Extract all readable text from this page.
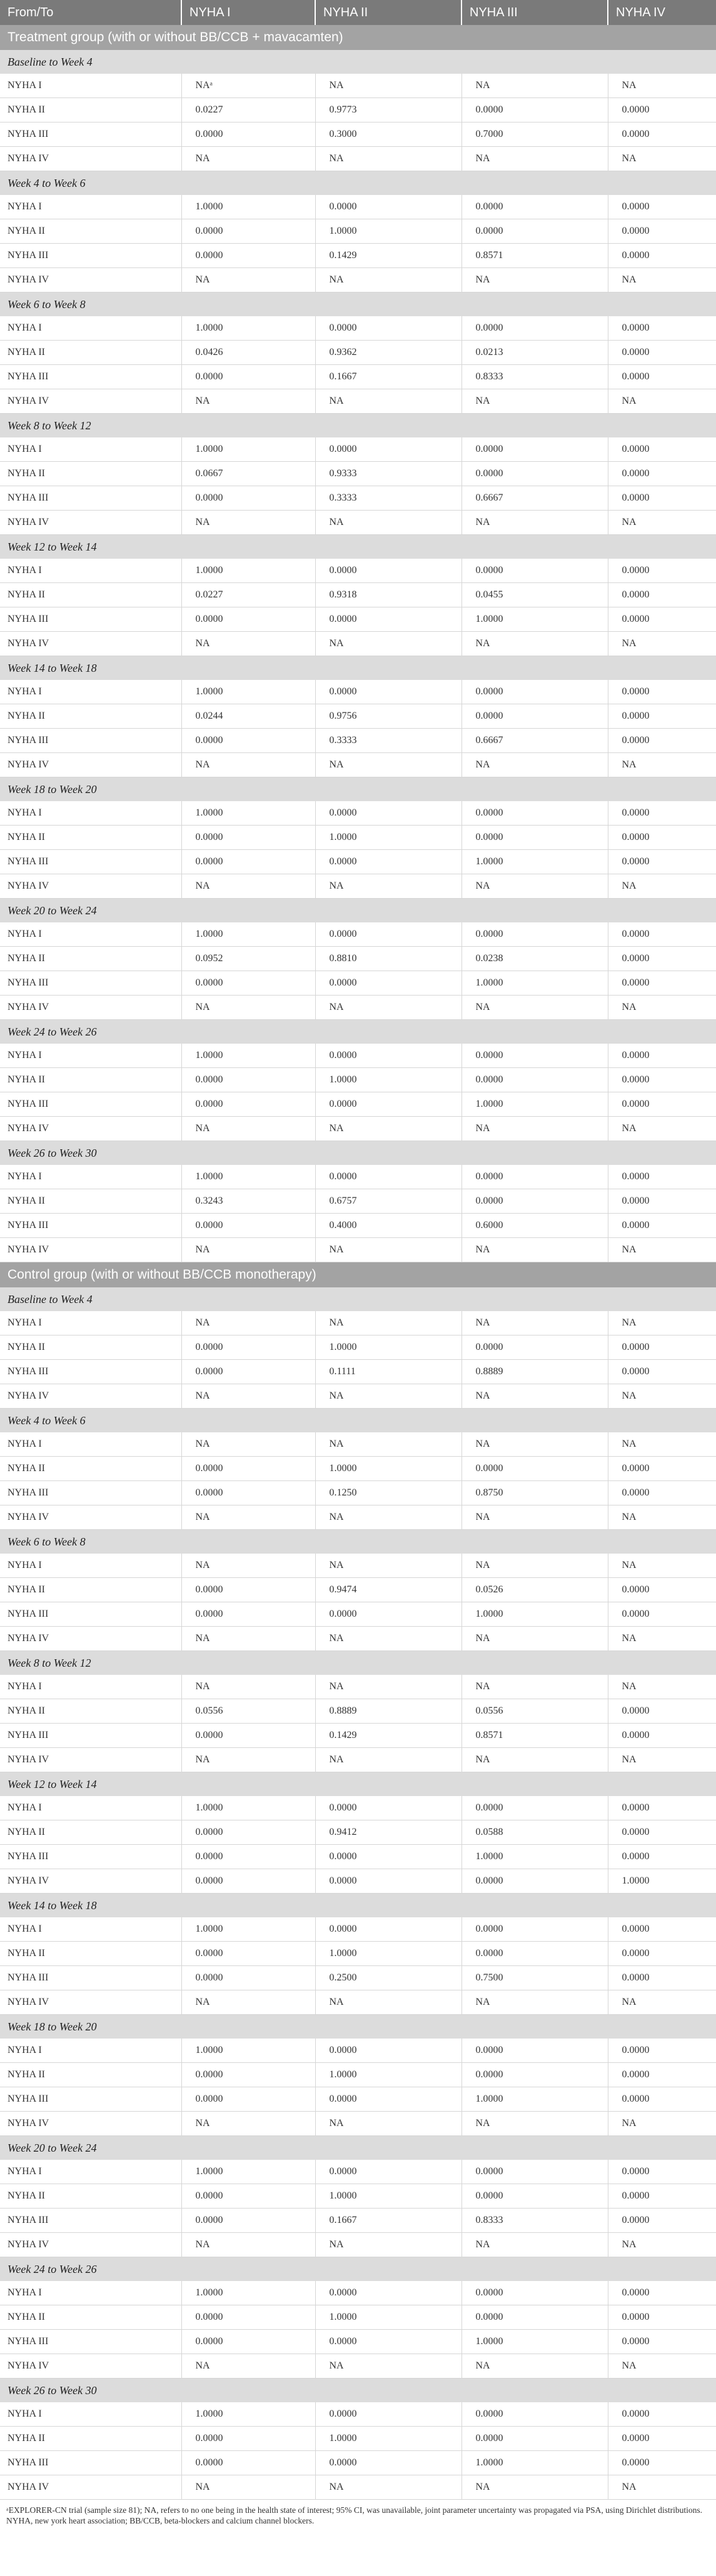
From/To	NYHA I	NYHA II	NYHA III	NYHA IV
Treatment group (with or without BB/CCB + mavacamten)				
Baseline to Week 4				
NYHA I	NAᵃ	NA	NA	NA
NYHA II	0.0227	0.9773	0.0000	0.0000
NYHA III	0.0000	0.3000	0.7000	0.0000
NYHA IV	NA	NA	NA	NA
Week 4 to Week 6				
NYHA I	1.0000	0.0000	0.0000	0.0000
NYHA II	0.0000	1.0000	0.0000	0.0000
NYHA III	0.0000	0.1429	0.8571	0.0000
NYHA IV	NA	NA	NA	NA
Week 6 to Week 8				
NYHA I	1.0000	0.0000	0.0000	0.0000
NYHA II	0.0426	0.9362	0.0213	0.0000
NYHA III	0.0000	0.1667	0.8333	0.0000
NYHA IV	NA	NA	NA	NA
Week 8 to Week 12				
NYHA I	1.0000	0.0000	0.0000	0.0000
NYHA II	0.0667	0.9333	0.0000	0.0000
NYHA III	0.0000	0.3333	0.6667	0.0000
NYHA IV	NA	NA	NA	NA
Week 12 to Week 14				
NYHA I	1.0000	0.0000	0.0000	0.0000
NYHA II	0.0227	0.9318	0.0455	0.0000
NYHA III	0.0000	0.0000	1.0000	0.0000
NYHA IV	NA	NA	NA	NA
Week 14 to Week 18				
NYHA I	1.0000	0.0000	0.0000	0.0000
NYHA II	0.0244	0.9756	0.0000	0.0000
NYHA III	0.0000	0.3333	0.6667	0.0000
NYHA IV	NA	NA	NA	NA
Week 18 to Week 20				
NYHA I	1.0000	0.0000	0.0000	0.0000
NYHA II	0.0000	1.0000	0.0000	0.0000
NYHA III	0.0000	0.0000	1.0000	0.0000
NYHA IV	NA	NA	NA	NA
Week 20 to Week 24				
NYHA I	1.0000	0.0000	0.0000	0.0000
NYHA II	0.0952	0.8810	0.0238	0.0000
NYHA III	0.0000	0.0000	1.0000	0.0000
NYHA IV	NA	NA	NA	NA
Week 24 to Week 26				
NYHA I	1.0000	0.0000	0.0000	0.0000
NYHA II	0.0000	1.0000	0.0000	0.0000
NYHA III	0.0000	0.0000	1.0000	0.0000
NYHA IV	NA	NA	NA	NA
Week 26 to Week 30				
NYHA I	1.0000	0.0000	0.0000	0.0000
NYHA II	0.3243	0.6757	0.0000	0.0000
NYHA III	0.0000	0.4000	0.6000	0.0000
NYHA IV	NA	NA	NA	NA
Control group (with or without BB/CCB monotherapy)				
Baseline to Week 4				
NYHA I	NA	NA	NA	NA
NYHA II	0.0000	1.0000	0.0000	0.0000
NYHA III	0.0000	0.1111	0.8889	0.0000
NYHA IV	NA	NA	NA	NA
Week 4 to Week 6				
NYHA I	NA	NA	NA	NA
NYHA II	0.0000	1.0000	0.0000	0.0000
NYHA III	0.0000	0.1250	0.8750	0.0000
NYHA IV	NA	NA	NA	NA
Week 6 to Week 8				
NYHA I	NA	NA	NA	NA
NYHA II	0.0000	0.9474	0.0526	0.0000
NYHA III	0.0000	0.0000	1.0000	0.0000
NYHA IV	NA	NA	NA	NA
Week 8 to Week 12				
NYHA I	NA	NA	NA	NA
NYHA II	0.0556	0.8889	0.0556	0.0000
NYHA III	0.0000	0.1429	0.8571	0.0000
NYHA IV	NA	NA	NA	NA
Week 12 to Week 14				
NYHA I	1.0000	0.0000	0.0000	0.0000
NYHA II	0.0000	0.9412	0.0588	0.0000
NYHA III	0.0000	0.0000	1.0000	0.0000
NYHA IV	0.0000	0.0000	0.0000	1.0000
Week 14 to Week 18				
NYHA I	1.0000	0.0000	0.0000	0.0000
NYHA II	0.0000	1.0000	0.0000	0.0000
NYHA III	0.0000	0.2500	0.7500	0.0000
NYHA IV	NA	NA	NA	NA
Week 18 to Week 20				
NYHA I	1.0000	0.0000	0.0000	0.0000
NYHA II	0.0000	1.0000	0.0000	0.0000
NYHA III	0.0000	0.0000	1.0000	0.0000
NYHA IV	NA	NA	NA	NA
Week 20 to Week 24				
NYHA I	1.0000	0.0000	0.0000	0.0000
NYHA II	0.0000	1.0000	0.0000	0.0000
NYHA III	0.0000	0.1667	0.8333	0.0000
NYHA IV	NA	NA	NA	NA
Week 24 to Week 26				
NYHA I	1.0000	0.0000	0.0000	0.0000
NYHA II	0.0000	1.0000	0.0000	0.0000
NYHA III	0.0000	0.0000	1.0000	0.0000
NYHA IV	NA	NA	NA	NA
Week 26 to Week 30				
NYHA I	1.0000	0.0000	0.0000	0.0000
NYHA II	0.0000	1.0000	0.0000	0.0000
NYHA III	0.0000	0.0000	1.0000	0.0000
NYHA IV	NA	NA	NA	NA

ᵃEXPLORER-CN trial (sample size 81); NA, refers to no one being in the health state of interest; 95% CI, was unavailable, joint parameter uncertainty was propagated via PSA, using Dirichlet distributions.

NYHA, new york heart association; BB/CCB, beta-blockers and calcium channel blockers.
